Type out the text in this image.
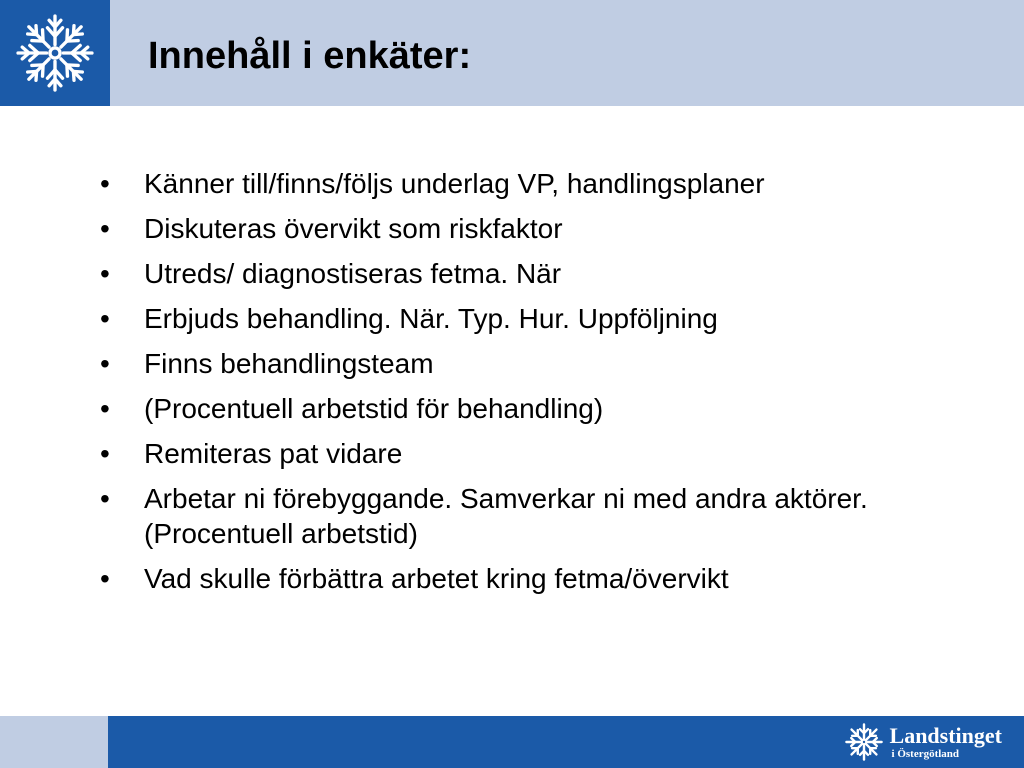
Innehåll i enkäter:
• Känner till/finns/följs underlag VP, handlingsplaner
• Diskuteras övervikt som riskfaktor
• Utreds/ diagnostiseras fetma. När
• Erbjuds behandling. När. Typ. Hur. Uppföljning
• Finns behandlingsteam
• (Procentuell arbetstid för behandling)
• Remiteras pat vidare
• Arbetar ni förebyggande. Samverkar ni med andra aktörer. (Procentuell arbetstid)
• Vad skulle förbättra arbetet kring fetma/övervikt
Landstinget
i Östergötland
